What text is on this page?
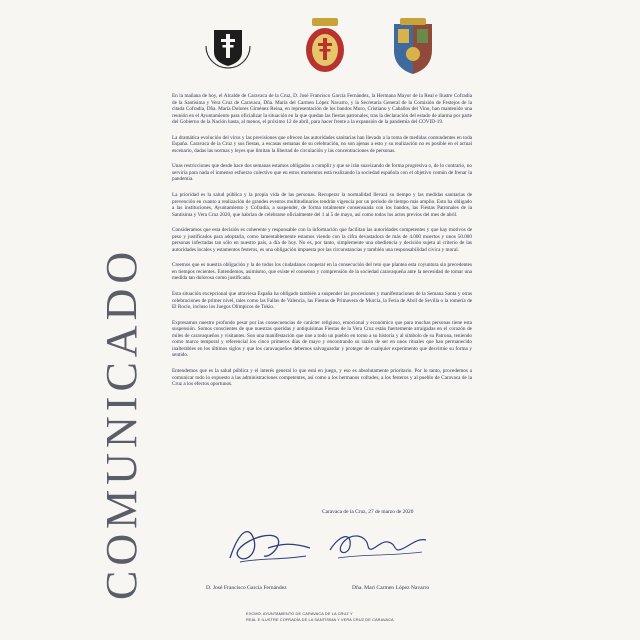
COMUNICADO

En la mañana de hoy, el Alcalde de Caravaca de la Cruz, D. José Francisco García Fernández, la Hermana Mayor de la Real e Ilustre Cofradía de la Santísima y Vera Cruz de Caravaca, Dña. María del Carmen López Navarro, y la Secretaria General de la Comisión de Festejos de la citada Cofradía, Dña. María Dolores Giménez Reina, en representación de los bandos Moro, Cristiano y Caballos del Vino, han mantenido una reunión en el Ayuntamiento para oficializar la situación en la que quedan las fiestas patronales, tras la declaración del estado de alarma por parte del Gobierno de la Nación hasta, al menos, el próximo 12 de abril, para hacer frente a la expansión de la pandemia del COVID-19.

La dramática evolución del virus y las previsiones que ofrecen las autoridades sanitarias han llevado a la toma de medidas contundentes en toda España. Caravaca de la Cruz y sus fiestas, a escasas semanas de su celebración, no son ajenas a esto y su realización no es posible en el actual escenario, dadas las normas y leyes que limitan la libertad de circulación y las concentraciones de personas.

Unas restricciones que desde hace dos semanas estamos obligados a cumplir y que se irán suavizando de forma progresiva o, de lo contrario, no serviría para nada el inmenso esfuerzo colectivo que en estos momentos está realizando la sociedad española con el objetivo común de frenar la pandemia.

La prioridad es la salud pública y la propia vida de las personas. Recuperar la normalidad llevará su tiempo y las medidas sanitarias de prevención en cuanto a realización de grandes eventos multitudinarios tendrán vigencia por un período de tiempo más amplio. Esto ha obligado a las instituciones, Ayuntamiento y Cofradía, a suspender, de forma totalmente consensuada con los bandos, las Fiestas Patronales de la Santísima y Vera Cruz 2020, que habrían de celebrarse oficialmente del 1 al 5 de mayo, así como todos los actos previos del mes de abril.

Consideramos que esta decisión es coherente y responsable con la información que facilitan las autoridades competentes y que hay motivos de peso y justificados para adoptarla, como lamentablemente estamos viendo con la cifra devastadora de más de 4.000 muertos y unos 50.000 personas infectadas tan sólo en nuestro país, a día de hoy. No es, por tanto, simplemente una obediencia y decisión sujeta al criterio de las autoridades locales y estamentos festeros, es una obligación impuesta por las circunstancias y también una responsabilidad cívica y moral.

Creemos que es nuestra obligación y la de todos los ciudadanos cooperar en la consecución del reto que plantea esta coyuntura sin precedentes en tiempos recientes. Entendemos, asimismo, que existe el consenso y comprensión de la sociedad caravaqueña ante la necesidad de tomar una medida tan dolorosa como justificada.

Esta situación excepcional que atraviesa España ha obligado también a suspender las procesiones y manifestaciones de la Semana Santa y otras celebraciones de primer nivel, tales como las Fallas de Valencia, las Fiestas de Primavera de Murcia, la Feria de Abril de Sevilla o la romería de El Rocío, incluso los Juegos Olímpicos de Tokio.

Expresamos nuestro profundo pesar por las consecuencias de carácter religioso, emocional y económico que para muchas personas tiene esta suspensión. Somos conscientes de que nuestras queridas y antiquísimas Fiestas de la Vera Cruz están fuertemente arraigadas en el corazón de miles de caravaqueños y visitantes. Son una manifestación que une a todo un pueblo en torno a su historia y al símbolo de su Patrona, teniendo como marco temporal y referencial los cinco primeros días de mayo y encontrando su razón de ser en unos rituales que han permanecido inalterables en los últimos siglos y que los caravaqueños debemos salvaguardar y proteger de cualquier experimento que desvirtúe su forma y sentido.

Entendemos que es la salud pública y el interés general lo que está en juego, y eso es absolutamente prioritario. Por lo tanto, procedemos a comunicar todo lo expuesto a las administraciones competentes, así como a los hermanos cofrades, a los festeros y al pueblo de Caravaca de la Cruz a los efectos oportunos.

Caravaca de la Cruz, 27 de marzo de 2020
D. José Francisco García Fernández	Dña. Mari Carmen López Navarro
EXCMO. AYUNTAMIENTO DE CARAVACA DE LA CRUZ Y
REAL E ILUSTRE COFRADÍA DE LA SANTÍSIMA Y VERA CRUZ DE CARAVACA
